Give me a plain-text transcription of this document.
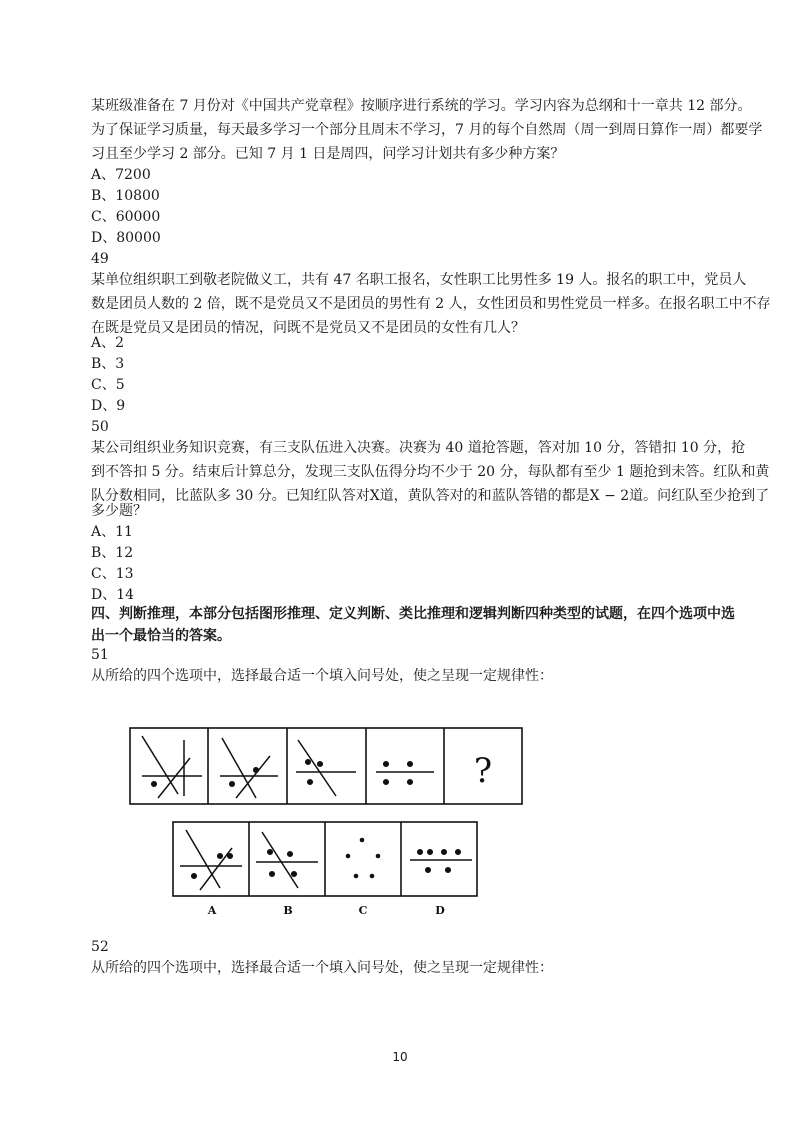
某班级准备在 7 月份对《中国共产党章程》按顺序进行系统的学习。学习内容为总纲和十一章共 12 部分。
为了保证学习质量，每天最多学习一个部分且周末不学习，7 月的每个自然周（周一到周日算作一周）都要学
习且至少学习 2 部分。已知 7 月 1 日是周四，问学习计划共有多少种方案？
A、7200
B、10800
C、60000
D、80000
49
某单位组织职工到敬老院做义工，共有 47 名职工报名，女性职工比男性多 19 人。报名的职工中，党员人
数是团员人数的 2 倍，既不是党员又不是团员的男性有 2 人，女性团员和男性党员一样多。在报名职工中不存
在既是党员又是团员的情况，问既不是党员又不是团员的女性有几人？
A、2
B、3
C、5
D、9
50
某公司组织业务知识竞赛，有三支队伍进入决赛。决赛为 40 道抢答题，答对加 10 分，答错扣 10 分，抢
到不答扣 5 分。结束后计算总分，发现三支队伍得分均不少于 20 分，每队都有至少 1 题抢到未答。红队和黄
队分数相同，比蓝队多 30 分。已知红队答对X道，黄队答对的和蓝队答错的都是X − 2道。问红队至少抢到了
多少题？
A、11
B、12
C、13
D、14
四、判断推理，本部分包括图形推理、定义判断、类比推理和逻辑判断四种类型的试题，在四个选项中选
出一个最恰当的答案。
51
从所给的四个选项中，选择最合适一个填入问号处，使之呈现一定规律性：
?
A	B	C	D
52
从所给的四个选项中，选择最合适一个填入问号处，使之呈现一定规律性：
10
